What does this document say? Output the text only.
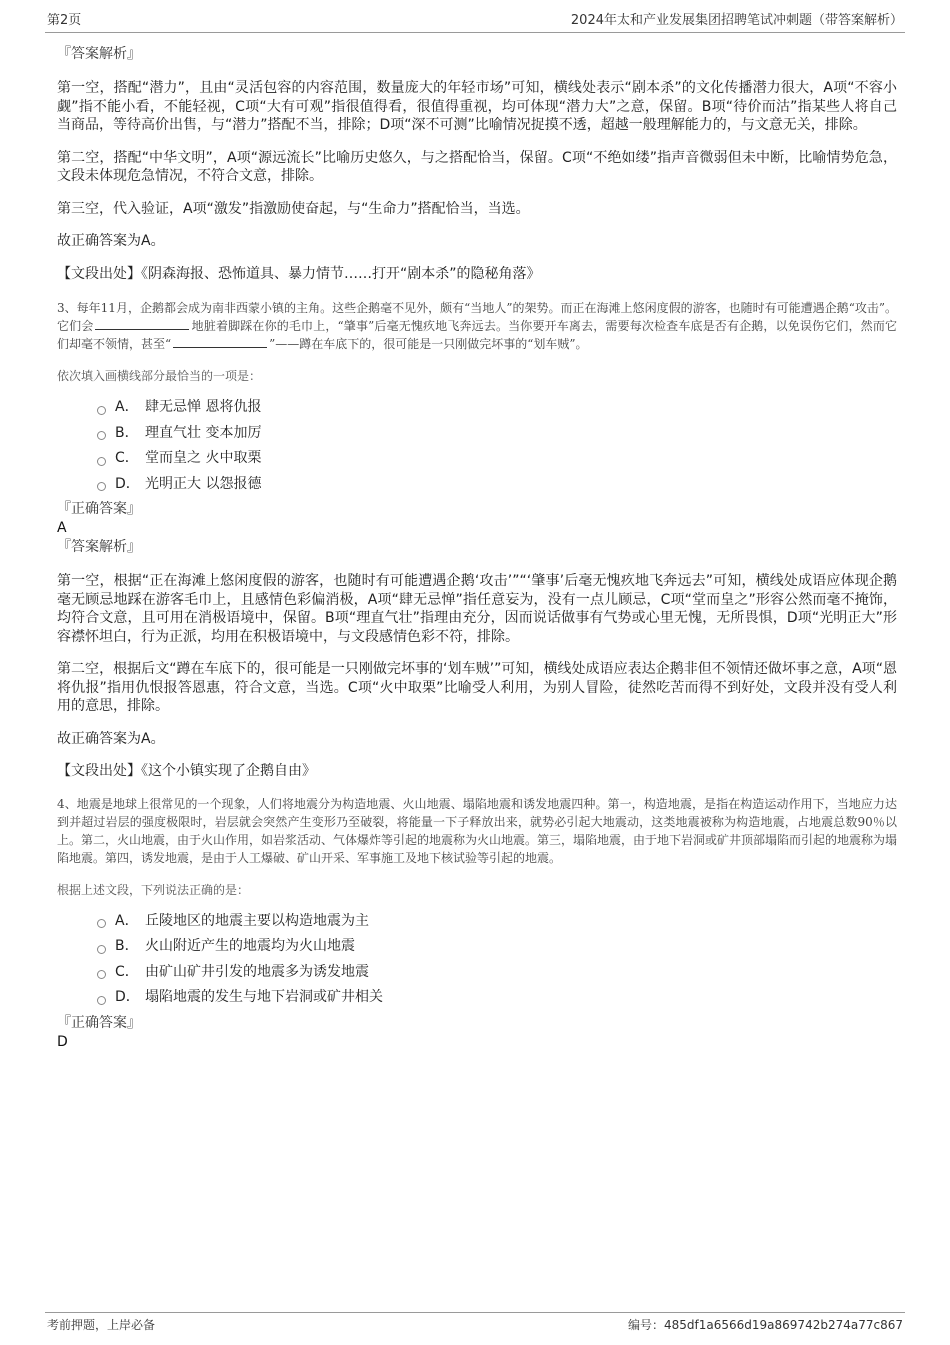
第2页	2024年太和产业发展集团招聘笔试冲刺题（带答案解析）

『答案解析』

第一空，搭配“潜力”，且由“灵活包容的内容范围，数量庞大的年轻市场”可知，横线处表示“剧本杀”的文化传播潜力很大，A项“不容小觑”指不能小看，不能轻视，C项“大有可观”指很值得看，很值得重视，均可体现“潜力大”之意，保留。B项“待价而沽”指某些人将自己当商品，等待高价出售，与“潜力”搭配不当，排除；D项“深不可测”比喻情况捉摸不透，超越一般理解能力的，与文意无关，排除。

第二空，搭配“中华文明”，A项“源远流长”比喻历史悠久，与之搭配恰当，保留。C项“不绝如缕”指声音微弱但未中断，比喻情势危急，文段未体现危急情况，不符合文意，排除。

第三空，代入验证，A项“激发”指激励使奋起，与“生命力”搭配恰当，当选。

故正确答案为A。

【文段出处】《阴森海报、恐怖道具、暴力情节……打开“剧本杀”的隐秘角落》

3、每年11月，企鹅都会成为南非西蒙小镇的主角。这些企鹅毫不见外，颇有“当地人”的架势。而正在海滩上悠闲度假的游客，也随时有可能遭遇企鹅“攻击”。它们会	地脏着脚踩在你的毛巾上，“肇事”后毫无愧疚地飞奔远去。当你要开车离去，需要每次检查车底是否有企鹅，以免误伤它们，然而它们却毫不领情，甚至“	”——蹲在车底下的，很可能是一只刚做完坏事的“划车贼”。

依次填入画横线部分最恰当的一项是：

A． 肆无忌惮 恩将仇报
B． 理直气壮 变本加厉
C． 堂而皇之 火中取栗
D． 光明正大 以怨报德

『正确答案』

A

『答案解析』

第一空，根据“正在海滩上悠闲度假的游客，也随时有可能遭遇企鹅‘攻击’”“‘肇事’后毫无愧疚地飞奔远去”可知，横线处成语应体现企鹅毫无顾忌地踩在游客毛巾上，且感情色彩偏消极，A项“肆无忌惮”指任意妄为，没有一点儿顾忌，C项“堂而皇之”形容公然而毫不掩饰，均符合文意，且可用在消极语境中，保留。B项“理直气壮”指理由充分，因而说话做事有气势或心里无愧，无所畏惧，D项“光明正大”形容襟怀坦白，行为正派，均用在积极语境中，与文段感情色彩不符，排除。

第二空，根据后文“蹲在车底下的，很可能是一只刚做完坏事的‘划车贼’”可知，横线处成语应表达企鹅非但不领情还做坏事之意，A项“恩将仇报”指用仇恨报答恩惠，符合文意，当选。C项“火中取栗”比喻受人利用，为别人冒险，徒然吃苦而得不到好处，文段并没有受人利用的意思，排除。

故正确答案为A。

【文段出处】《这个小镇实现了企鹅自由》

4、地震是地球上很常见的一个现象，人们将地震分为构造地震、火山地震、塌陷地震和诱发地震四种。第一，构造地震，是指在构造运动作用下，当地应力达到并超过岩层的强度极限时，岩层就会突然产生变形乃至破裂，将能量一下子释放出来，就势必引起大地震动，这类地震被称为构造地震，占地震总数90％以上。第二，火山地震，由于火山作用，如岩浆活动、气体爆炸等引起的地震称为火山地震。第三，塌陷地震，由于地下岩洞或矿井顶部塌陷而引起的地震称为塌陷地震。第四，诱发地震，是由于人工爆破、矿山开采、军事施工及地下核试验等引起的地震。

根据上述文段，下列说法正确的是：

A． 丘陵地区的地震主要以构造地震为主
B． 火山附近产生的地震均为火山地震
C． 由矿山矿井引发的地震多为诱发地震
D． 塌陷地震的发生与地下岩洞或矿井相关

『正确答案』

D

考前押题，上岸必备	编号：485df1a6566d19a869742b274a77c867
